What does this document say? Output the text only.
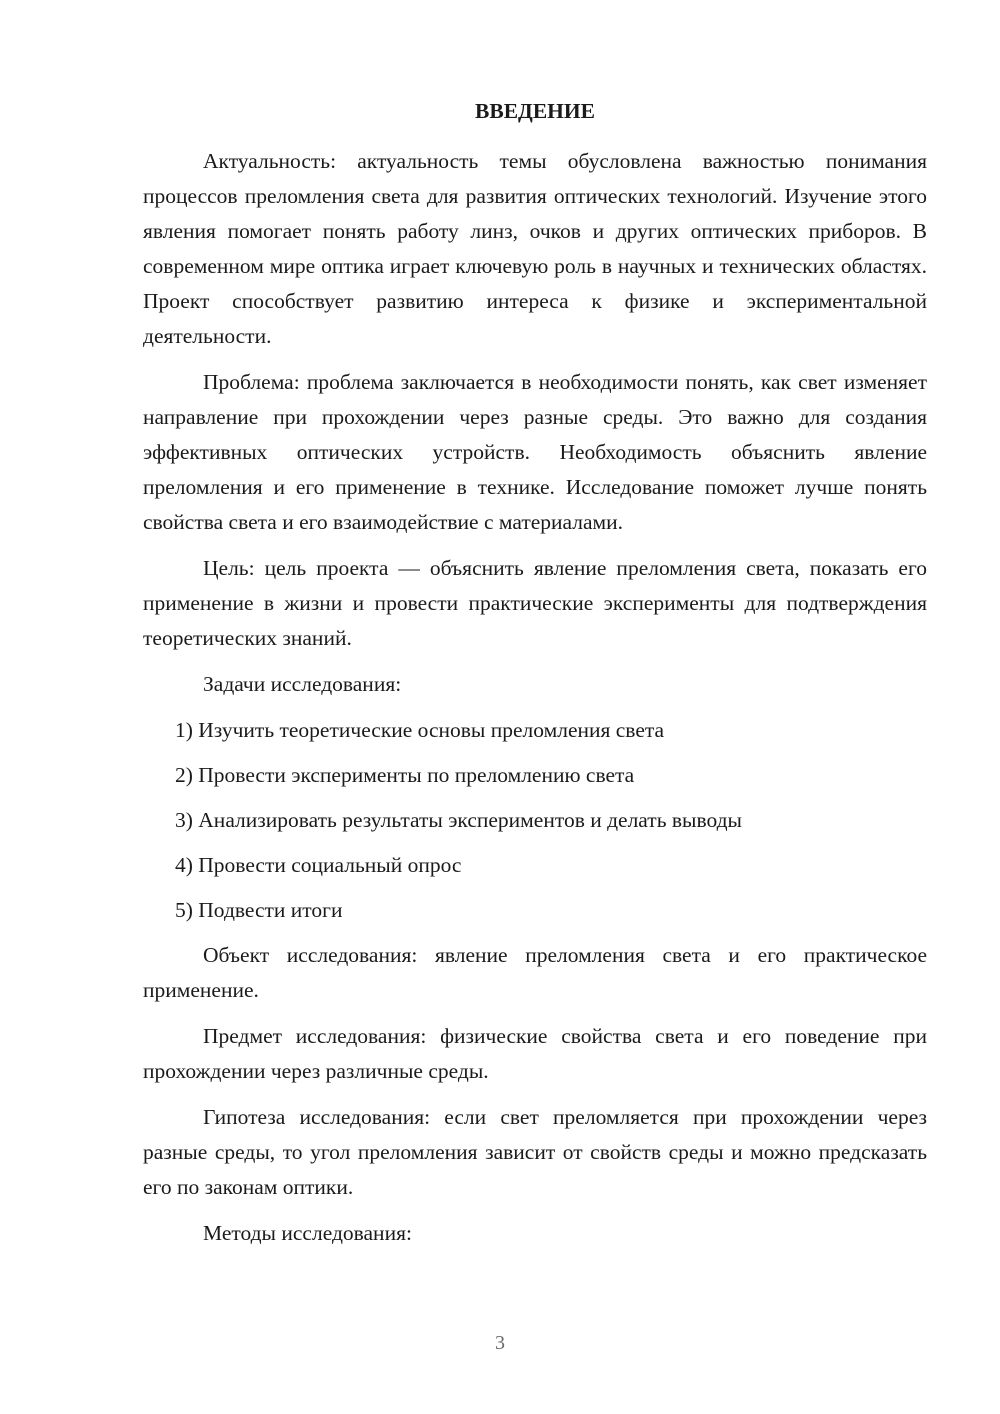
ВВЕДЕНИЕ

Актуальность: актуальность темы обусловлена важностью понимания процессов преломления света для развития оптических технологий. Изучение этого явления помогает понять работу линз, очков и других оптических приборов. В современном мире оптика играет ключевую роль в научных и технических областях. Проект способствует развитию интереса к физике и экспериментальной деятельности.

Проблема: проблема заключается в необходимости понять, как свет изменяет направление при прохождении через разные среды. Это важно для создания эффективных оптических устройств. Необходимость объяснить явление преломления и его применение в технике. Исследование поможет лучше понять свойства света и его взаимодействие с материалами.

Цель: цель проекта — объяснить явление преломления света, показать его применение в жизни и провести практические эксперименты для подтверждения теоретических знаний.

Задачи исследования:

1) Изучить теоретические основы преломления света

2) Провести эксперименты по преломлению света

3) Анализировать результаты экспериментов и делать выводы

4) Провести социальный опрос

5) Подвести итоги

Объект исследования: явление преломления света и его практическое применение.

Предмет исследования: физические свойства света и его поведение при прохождении через различные среды.

Гипотеза исследования: если свет преломляется при прохождении через разные среды, то угол преломления зависит от свойств среды и можно предсказать его по законам оптики.

Методы исследования:

3
